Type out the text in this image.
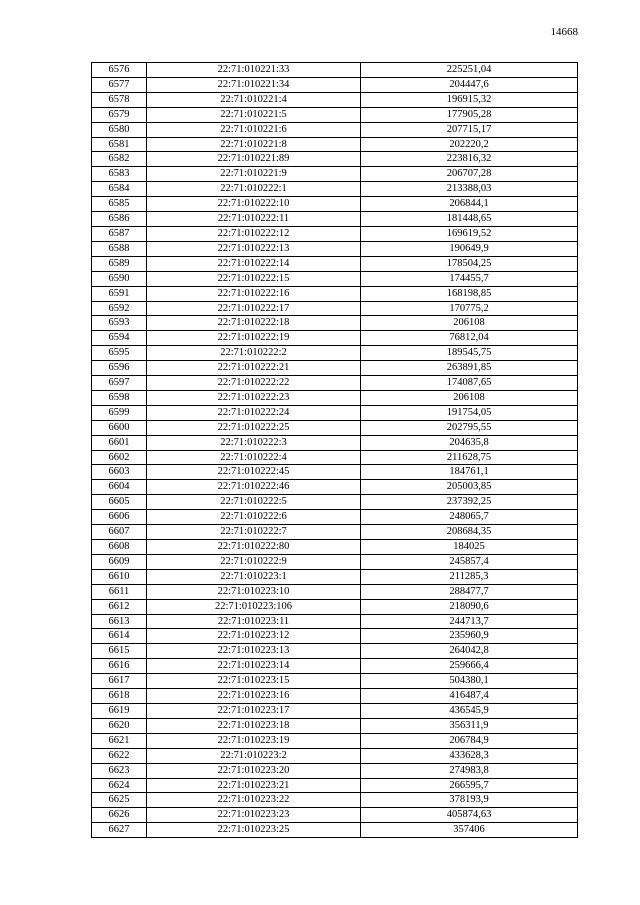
14668
6576	22:71:010221:33	225251,04
6577	22:71:010221:34	204447,6
6578	22:71:010221:4	196915,32
6579	22:71:010221:5	177905,28
6580	22:71:010221:6	207715,17
6581	22:71:010221:8	202220,2
6582	22:71:010221:89	223816,32
6583	22:71:010221:9	206707,28
6584	22:71:010222:1	213388,03
6585	22:71:010222:10	206844,1
6586	22:71:010222:11	181448,65
6587	22:71:010222:12	169619,52
6588	22:71:010222:13	190649,9
6589	22:71:010222:14	178504,25
6590	22:71:010222:15	174455,7
6591	22:71:010222:16	168198,85
6592	22:71:010222:17	170775,2
6593	22:71:010222:18	206108
6594	22:71:010222:19	76812,04
6595	22:71:010222:2	189545,75
6596	22:71:010222:21	263891,85
6597	22:71:010222:22	174087,65
6598	22:71:010222:23	206108
6599	22:71:010222:24	191754,05
6600	22:71:010222:25	202795,55
6601	22:71:010222:3	204635,8
6602	22:71:010222:4	211628,75
6603	22:71:010222:45	184761,1
6604	22:71:010222:46	205003,85
6605	22:71:010222:5	237392,25
6606	22:71:010222:6	248065,7
6607	22:71:010222:7	208684,35
6608	22:71:010222:80	184025
6609	22:71:010222:9	245857,4
6610	22:71:010223:1	211285,3
6611	22:71:010223:10	288477,7
6612	22:71:010223:106	218090,6
6613	22:71:010223:11	244713,7
6614	22:71:010223:12	235960,9
6615	22:71:010223:13	264042,8
6616	22:71:010223:14	259666,4
6617	22:71:010223:15	504380,1
6618	22:71:010223:16	416487,4
6619	22:71:010223:17	436545,9
6620	22:71:010223:18	356311,9
6621	22:71:010223:19	206784,9
6622	22:71:010223:2	433628,3
6623	22:71:010223:20	274983,8
6624	22:71:010223:21	266595,7
6625	22:71:010223:22	378193,9
6626	22:71:010223:23	405874,63
6627	22:71:010223:25	357406
